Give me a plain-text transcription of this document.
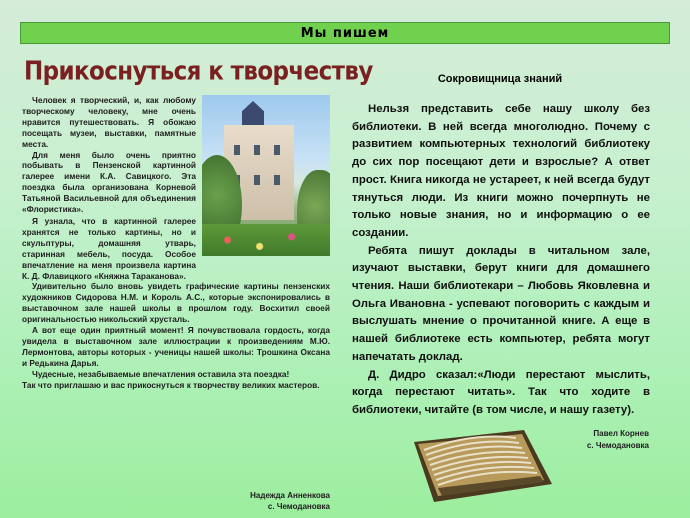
Мы пишем
Прикоснуться к творчеству

Человек я творческий, и, как любому творческому человеку, мне очень нравится путешествовать. Я обожаю посещать музеи, выставки, памятные места.

Для меня было очень приятно побывать в Пензенской картинной галерее имени К.А. Савицкого. Эта поездка была организована Корневой Татьяной Васильевной для объединения «Флористика».

Я узнала, что в картинной галерее хранятся не только картины, но и скульптуры, домашняя утварь, старинная мебель, посуда. Особое впечатление на меня произвела картина К. Д. Флавицкого «Княжна Тараканова».

Удивительно было вновь увидеть графические картины пензенских художников Сидорова Н.М. и Король А.С., которые экспонировались в выставочном зале нашей школы в прошлом году. Восхитил своей оригинальностью никольский хрусталь.

А вот еще один приятный момент! Я почувствовала гордость, когда увидела в выставочном зале иллюстрации к произведениям М.Ю. Лермонтова, авторы которых - ученицы нашей школы: Трошкина Оксана и Редькина Дарья.

Чудесные, незабываемые впечатления оставила эта поездка!

Так что приглашаю и вас прикоснуться к творчеству великих мастеров.

Надежда Анненкова
с. Чемодановка
Сокровищница знаний

Нельзя представить себе нашу школу без библиотеки. В ней всегда многолюдно. Почему с развитием компьютерных технологий библиотеку до сих пор посещают дети и взрослые? А ответ прост. Книга никогда не устареет, к ней всегда будут тянуться люди. Из книги можно почерпнуть не только новые знания, но и информацию о ее создании.

Ребята пишут доклады в читальном зале, изучают выставки, берут книги для домашнего чтения. Наши библиотекари – Любовь Яковлевна и Ольга Ивановна - успевают поговорить с каждым и выслушать мнение о прочитанной книге. А еще в нашей библиотеке есть компьютер, ребята могут напечатать доклад.

Д. Дидро сказал:«Люди перестают мыслить, когда перестают читать». Так что ходите в библиотеки, читайте (в том числе, и нашу газету).

Павел Корнев
с. Чемодановка
